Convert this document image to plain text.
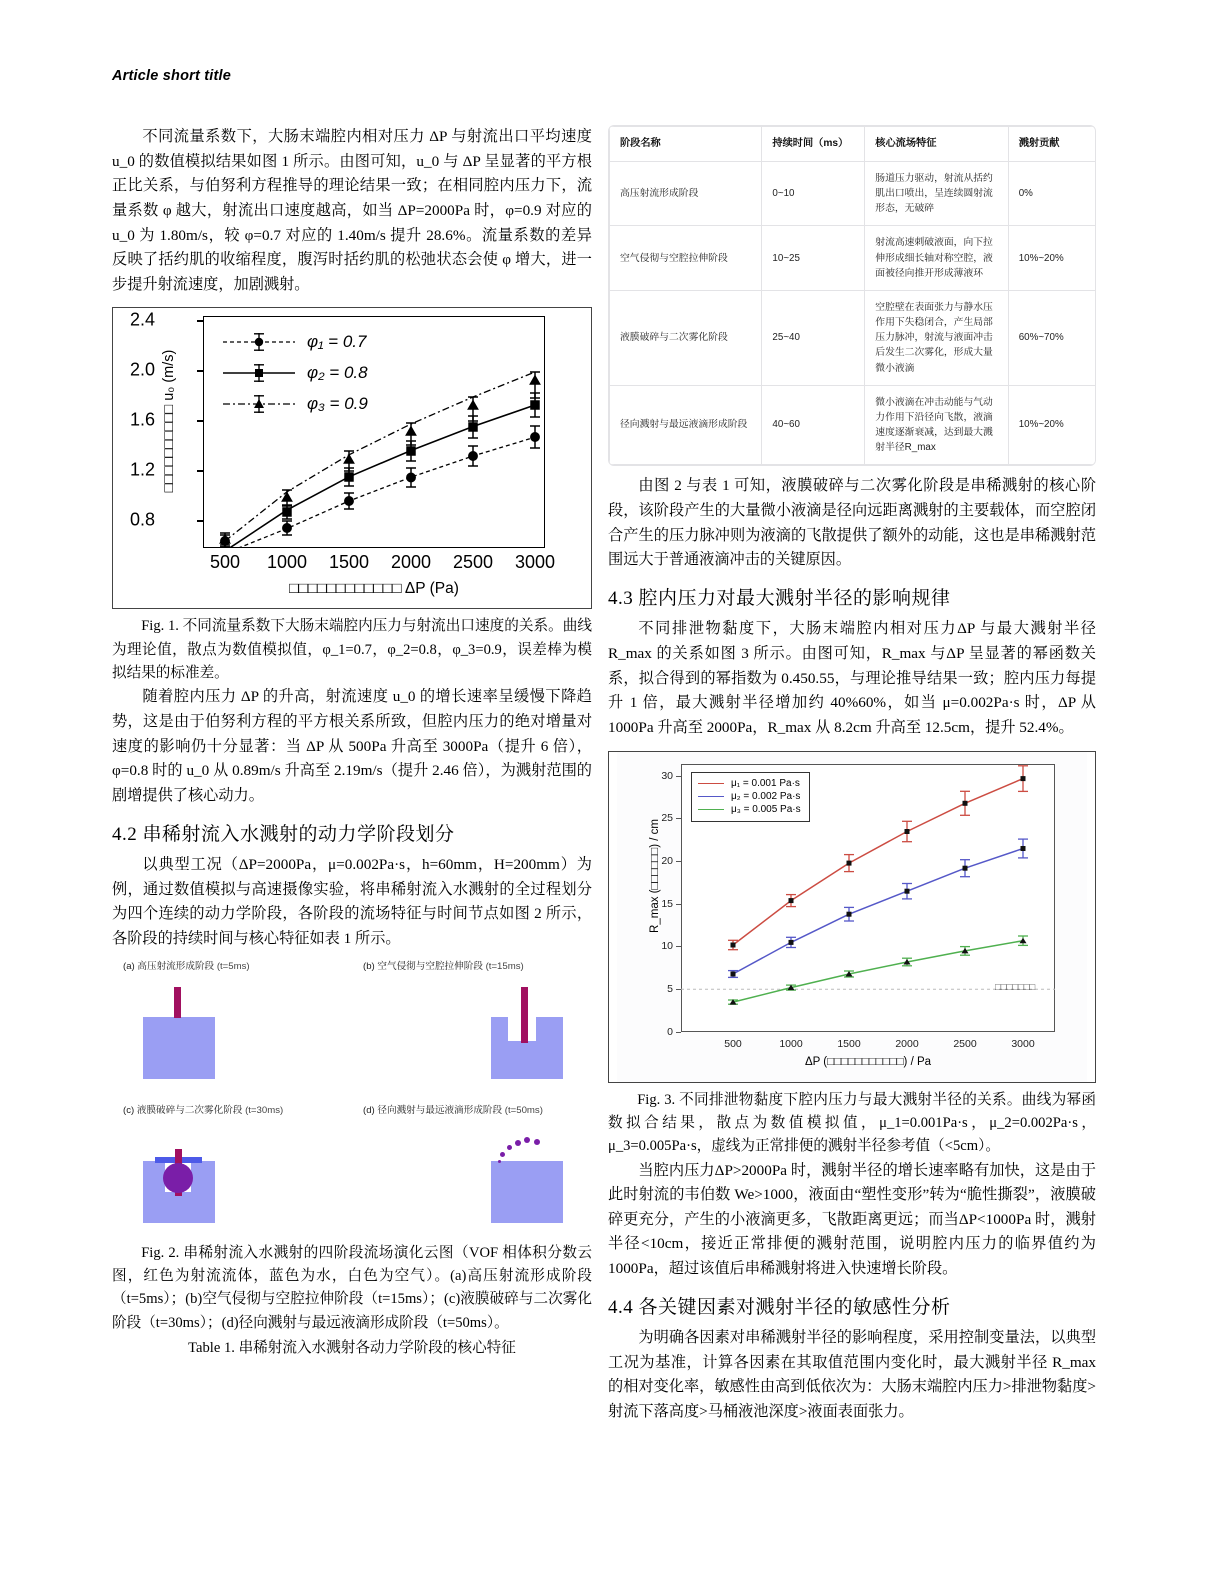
Article short title

不同流量系数下，大肠末端腔内相对压力 ΔP 与射流出口平均速度 u_0 的数值模拟结果如图 1 所示。由图可知，u_0 与 ΔP 呈显著的平方根正比关系，与伯努利方程推导的理论结果一致；在相同腔内压力下，流量系数 φ 越大，射流出口速度越高，如当 ΔP=2000Pa 时，φ=0.9 对应的 u_0 为 1.80m/s，较 φ=0.7 对应的 1.40m/s 提升 28.6%。流量系数的差异反映了括约肌的收缩程度，腹泻时括约肌的松弛状态会使 φ 增大，进一步提升射流速度，加剧溅射。

2.4
2.0
1.6
1.2
0.8
500 1000 1500 2000 2500 3000
φ₁ = 0.7
φ₂ = 0.8
φ₃ = 0.9
□□□□□□□□□□ u₀ (m/s)
□□□□□□□□□□□□ ΔP (Pa)

Fig. 1. 不同流量系数下大肠末端腔内压力与射流出口速度的关系。曲线为理论值，散点为数值模拟值，φ_1=0.7，φ_2=0.8，φ_3=0.9，误差棒为模拟结果的标准差。

随着腔内压力 ΔP 的升高，射流速度 u_0 的增长速率呈缓慢下降趋势，这是由于伯努利方程的平方根关系所致，但腔内压力的绝对增量对速度的影响仍十分显著：当 ΔP 从 500Pa 升高至 3000Pa（提升 6 倍），φ=0.8 时的 u_0 从 0.89m/s 升高至 2.19m/s（提升 2.46 倍），为溅射范围的剧增提供了核心动力。

4.2 串稀射流入水溅射的动力学阶段划分

以典型工况（ΔP=2000Pa，μ=0.002Pa·s，h=60mm，H=200mm）为例，通过数值模拟与高速摄像实验，将串稀射流入水溅射的全过程划分为四个连续的动力学阶段，各阶段的流场特征与时间节点如图 2 所示，各阶段的持续时间与核心特征如表 1 所示。

(a) 高压射流形成阶段 (t=5ms)	(b) 空气侵彻与空腔拉伸阶段 (t=15ms)
(c) 液膜破碎与二次雾化阶段 (t=30ms)	(d) 径向溅射与最远液滴形成阶段 (t=50ms)

Fig. 2. 串稀射流入水溅射的四阶段流场演化云图（VOF 相体积分数云图，红色为射流流体，蓝色为水，白色为空气）。(a)高压射流形成阶段（t=5ms）；(b)空气侵彻与空腔拉伸阶段（t=15ms）；(c)液膜破碎与二次雾化阶段（t=30ms）；(d)径向溅射与最远液滴形成阶段（t=50ms）。

Table 1. 串稀射流入水溅射各动力学阶段的核心特征

阶段名称	持续时间（ms）	核心流场特征	溅射贡献
高压射流形成阶段	0~10	肠道压力驱动，射流从括约肌出口喷出，呈连续圆射流形态，无破碎	0%
空气侵彻与空腔拉伸阶段	10~25	射流高速刺破液面，向下拉伸形成细长轴对称空腔，液面被径向推开形成薄液环	10%~20%
液膜破碎与二次雾化阶段	25~40	空腔壁在表面张力与静水压作用下失稳闭合，产生局部压力脉冲，射流与液面冲击后发生二次雾化，形成大量微小液滴	60%~70%
径向溅射与最远液滴形成阶段	40~60	微小液滴在冲击动能与气动力作用下沿径向飞散，液滴速度逐渐衰减，达到最大溅射半径R_max	10%~20%

由图 2 与表 1 可知，液膜破碎与二次雾化阶段是串稀溅射的核心阶段，该阶段产生的大量微小液滴是径向远距离溅射的主要载体，而空腔闭合产生的压力脉冲则为液滴的飞散提供了额外的动能，这也是串稀溅射范围远大于普通液滴冲击的关键原因。

4.3 腔内压力对最大溅射半径的影响规律

不同排泄物黏度下，大肠末端腔内相对压力ΔP 与最大溅射半径 R_max 的关系如图 3 所示。由图可知，R_max 与ΔP 呈显著的幂函数关系，拟合得到的幂指数为 0.450.55，与理论推导结果一致；腔内压力每提升 1 倍，最大溅射半径增加约 40%60%，如当 μ=0.002Pa·s 时，ΔP 从 1000Pa 升高至 2000Pa，R_max 从 8.2cm 升高至 12.5cm，提升 52.4%。

30
25
20
15
10
5
0
500	1000	1500	2000	2500	3000
μ₁ = 0.001 Pa·s
μ₂ = 0.002 Pa·s
μ₃ = 0.005 Pa·s
□□□□□□□
R_max (□□□□□□) / cm
ΔP (□□□□□□□□□□□) / Pa

Fig. 3. 不同排泄物黏度下腔内压力与最大溅射半径的关系。曲线为幂函数拟合结果，散点为数值模拟值，μ_1=0.001Pa·s，μ_2=0.002Pa·s，μ_3=0.005Pa·s，虚线为正常排便的溅射半径参考值（<5cm）。

当腔内压力ΔP>2000Pa 时，溅射半径的增长速率略有加快，这是由于此时射流的韦伯数 We>1000，液面由“塑性变形”转为“脆性撕裂”，液膜破碎更充分，产生的小液滴更多，飞散距离更远；而当ΔP<1000Pa 时，溅射半径<10cm，接近正常排便的溅射范围，说明腔内压力的临界值约为 1000Pa，超过该值后串稀溅射将进入快速增长阶段。

4.4 各关键因素对溅射半径的敏感性分析

为明确各因素对串稀溅射半径的影响程度，采用控制变量法，以典型工况为基准，计算各因素在其取值范围内变化时，最大溅射半径 R_max 的相对变化率，敏感性由高到低依次为：大肠末端腔内压力>排泄物黏度>射流下落高度>马桶液池深度>液面表面张力。
